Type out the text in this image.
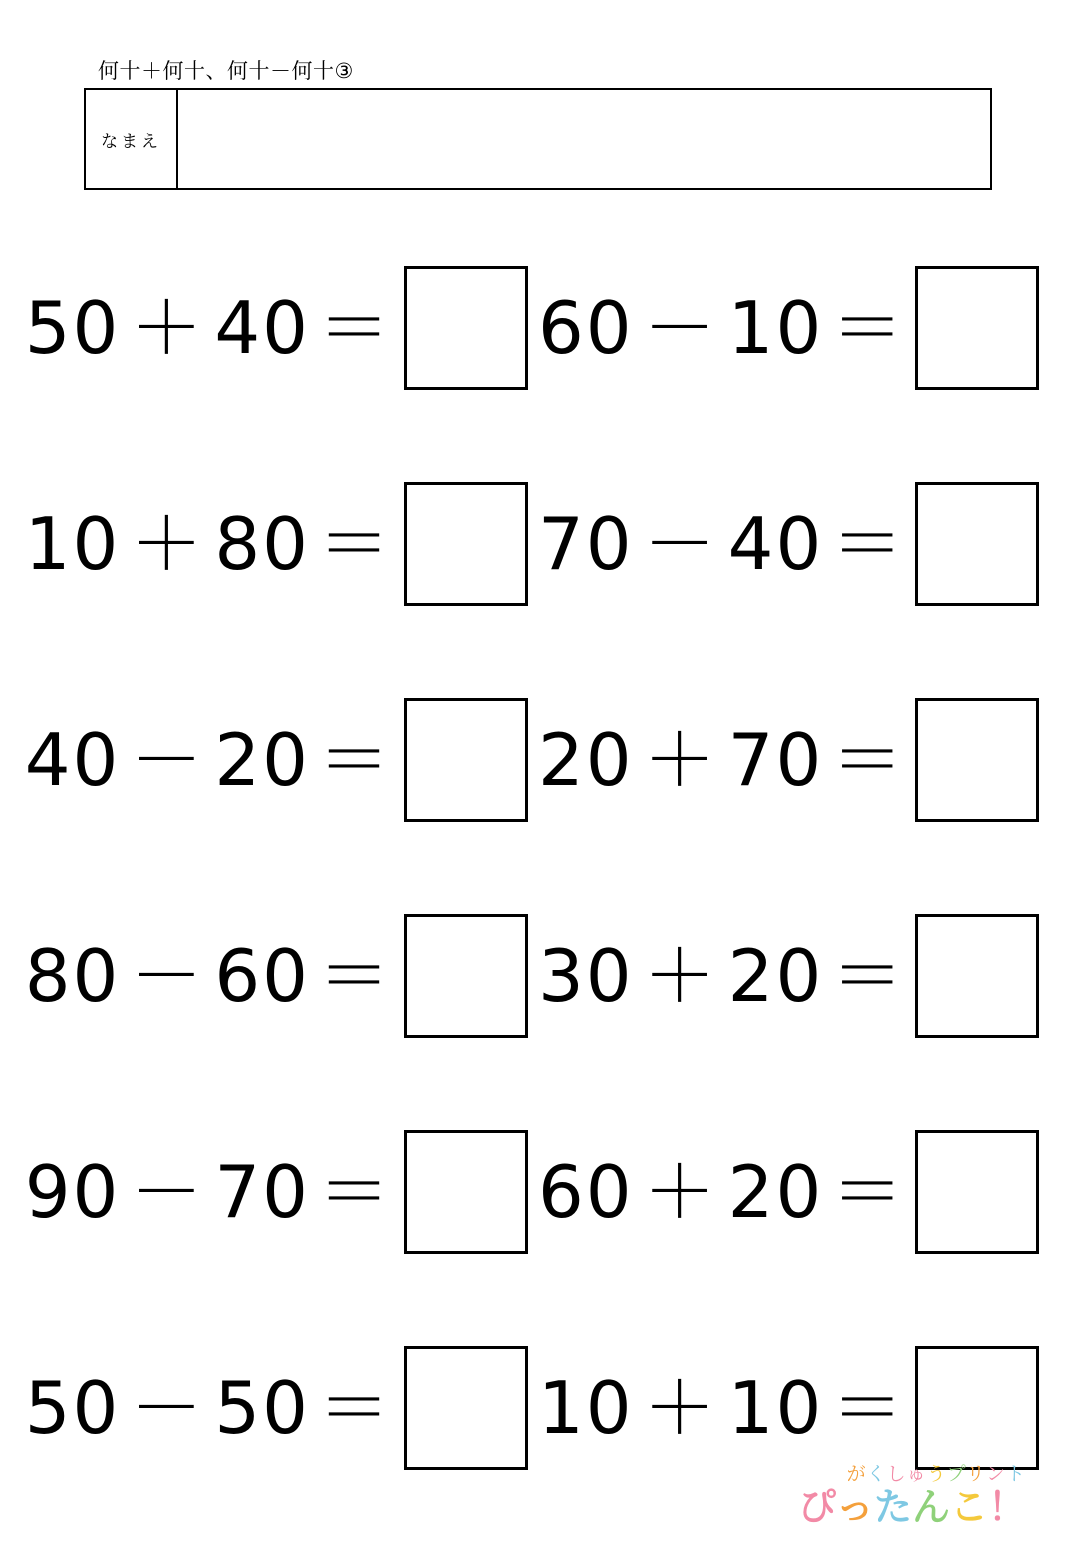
何十＋何十、何十－何十③
なまえ
50 ＋ 40 ＝ 60 － 10 ＝
10 ＋ 80 ＝ 70 － 40 ＝
40 － 20 ＝ 20 ＋ 70 ＝
80 － 60 ＝ 30 ＋ 20 ＝
90 － 70 ＝ 60 ＋ 20 ＝
50 － 50 ＝ 10 ＋ 10 ＝
がくしゅうプリント
ぴったんこ！
